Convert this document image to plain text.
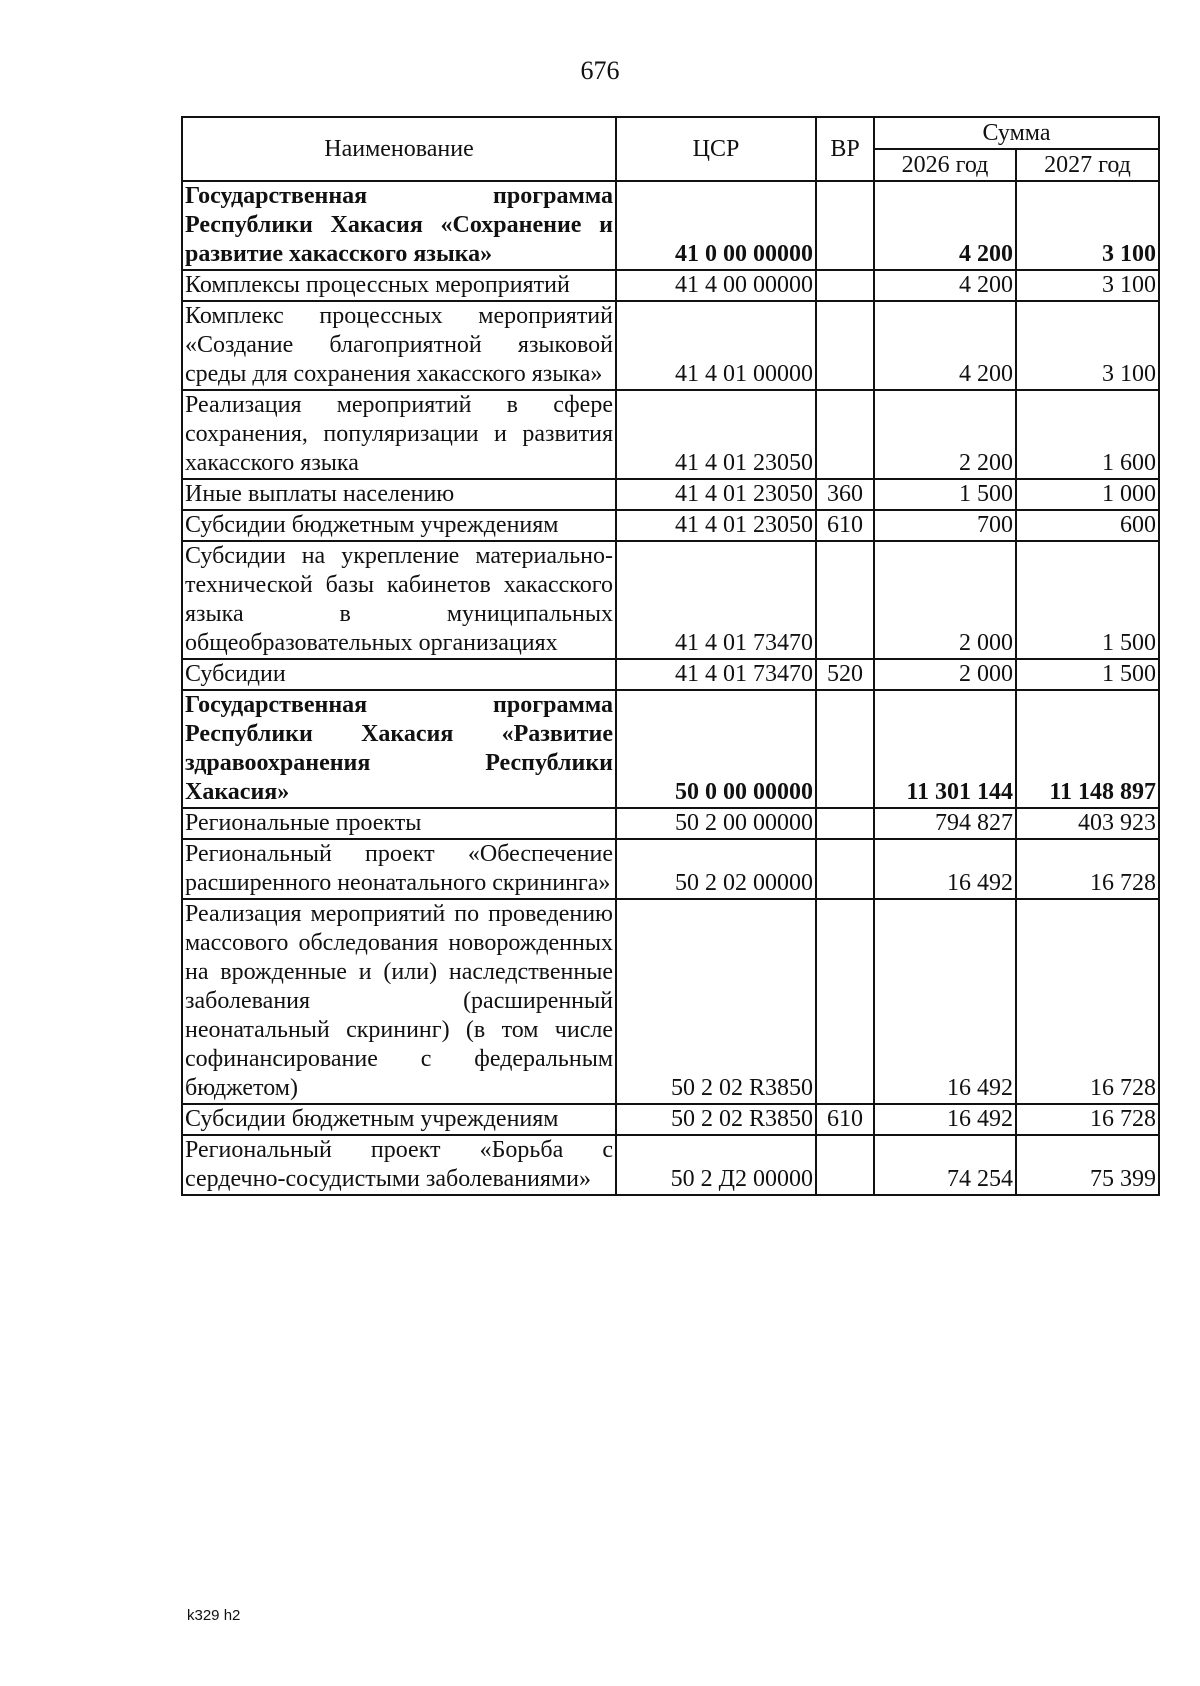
676
Наименование	ЦСР	ВР	Сумма	
			2026 год	2027 год
Государственная программа Республики Хакасия «Сохранение и развитие хакасского языка»	41 0 00 00000		4 200	3 100
Комплексы процессных мероприятий	41 4 00 00000		4 200	3 100
Комплекс процессных мероприятий «Создание благоприятной языковой среды для сохранения хакасского языка»	41 4 01 00000		4 200	3 100
Реализация мероприятий в сфере сохранения, популяризации и развития хакасского языка	41 4 01 23050		2 200	1 600
Иные выплаты населению	41 4 01 23050	360	1 500	1 000
Субсидии бюджетным учреждениям	41 4 01 23050	610	700	600
Субсидии на укрепление материально-технической базы кабинетов хакасского языка в муниципальных общеобразовательных организациях	41 4 01 73470		2 000	1 500
Субсидии	41 4 01 73470	520	2 000	1 500
Государственная программа Республики Хакасия «Развитие здравоохранения Республики Хакасия»	50 0 00 00000		11 301 144	11 148 897
Региональные проекты	50 2 00 00000		794 827	403 923
Региональный проект «Обеспечение расширенного неонатального скрининга»	50 2 02 00000		16 492	16 728
Реализация мероприятий по проведению массового обследования новорожденных на врожденные и (или) наследственные заболевания (расширенный неонатальный скрининг) (в том числе софинансирование с федеральным бюджетом)	50 2 02 R3850		16 492	16 728
Субсидии бюджетным учреждениям	50 2 02 R3850	610	16 492	16 728
Региональный проект «Борьба с сердечно-сосудистыми заболеваниями»	50 2 Д2 00000		74 254	75 399
k329 h2
